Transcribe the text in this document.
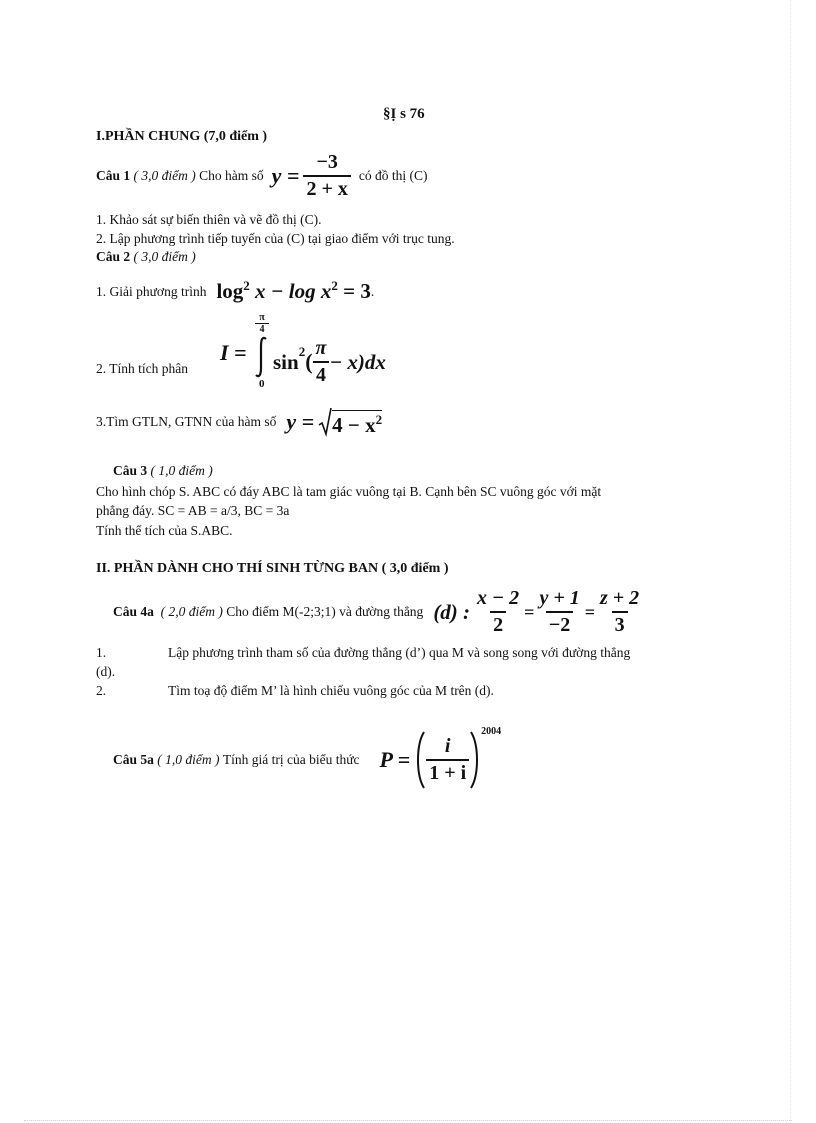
§Ị s 76
I.PHẦN CHUNG (7,0 điểm )
Câu 1
( 3,0 điểm )
Cho hàm số $y = \frac{-3}{2 + x}$ có đồ thị (C)
1. Khảo sát sự biến thiên và vẽ đồ thị (C).
2. Lập phương trình tiếp tuyến của (C) tại giao điểm với trục tung.
Câu 2 ( 3,0 điểm )
1. Giải phương trình $\log^2 x - \log x^2 = 3$ .
2. Tính tích phân
I =
$\frac{\pi}{4}$
0
sin 2 ( $\frac{\pi}{4} - x)dx$
3.Tìm GTLN, GTNN của hàm số $y = 4 - x^2$
Câu 3 ( 1,0 điểm )
Cho hình chóp S. ABC có đáy ABC là tam giác vuông tại B. Cạnh bên SC vuông góc với mặt
phẳng đáy. SC = AB = a/3, BC = 3a
Tính thể tích của S.ABC.
II. PHẦN DÀNH CHO THÍ SINH TỪNG BAN ( 3,0 điểm )
Câu 4a
( 2,0 điểm )
Cho điểm M(-2;3;1) và đường thẳng (d) : $\frac{x - 2}{2} = \frac{y + 1}{-2} = \frac{z + 2}{3}$
1.	Lập phương trình tham số của đường thẳng (d’) qua M và song song với đường thẳng
(d).
2.	Tìm toạ độ điểm M’ là hình chiếu vuông góc của M trên (d).
Câu 5a
( 1,0 điểm )
Tính giá trị của biểu thức $P = \frac{i}{1 + i}$
2004
